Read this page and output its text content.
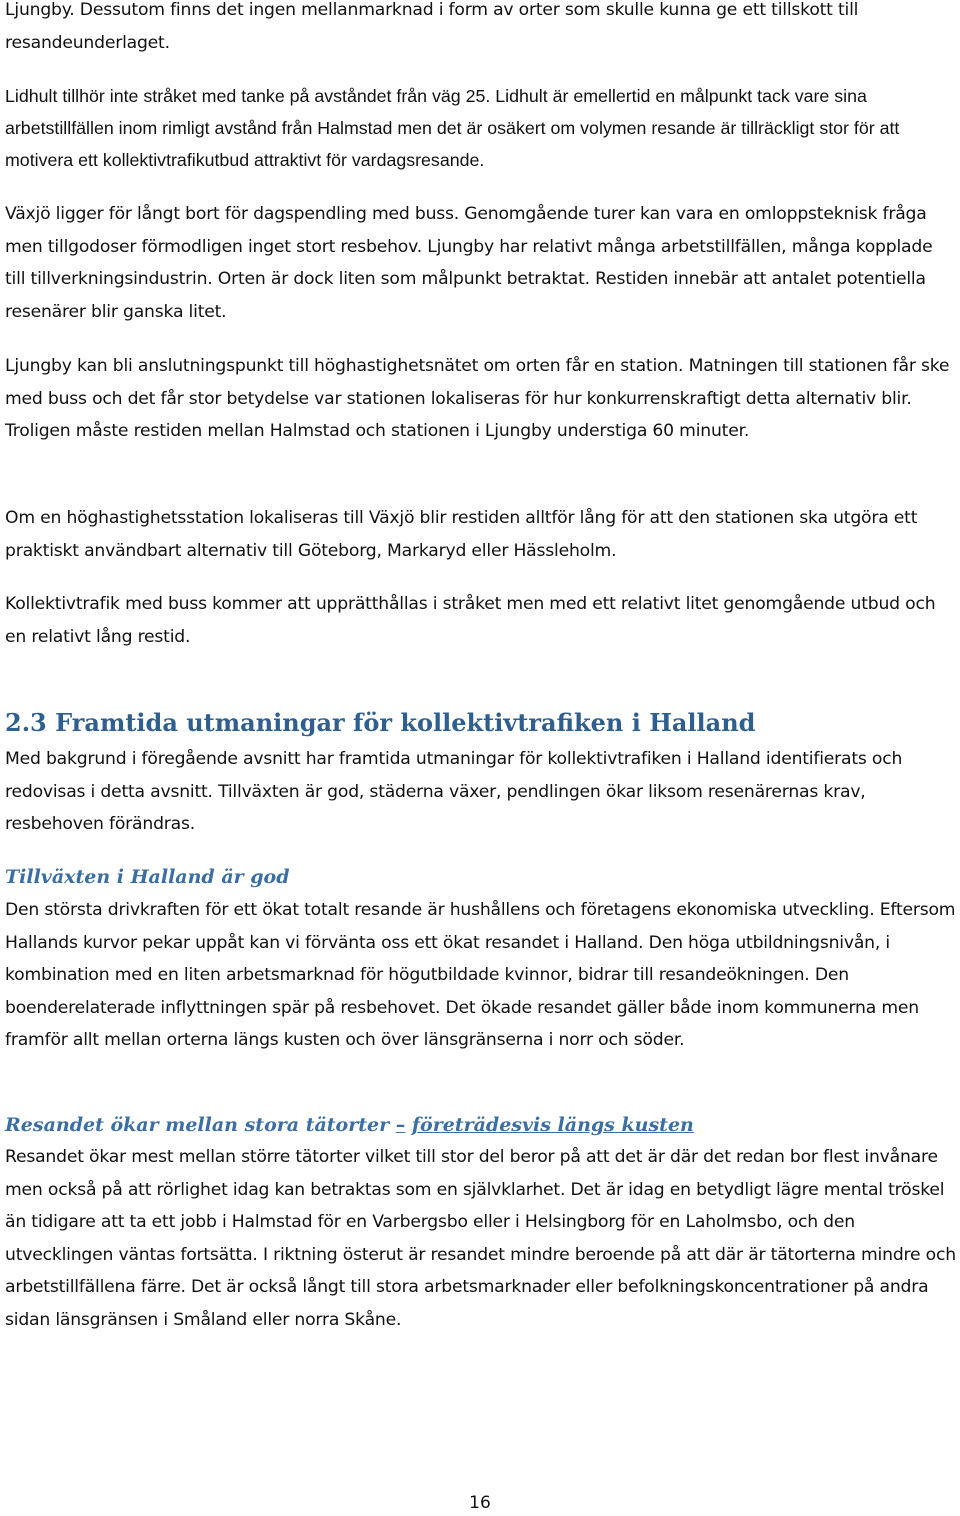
Ljungby. Dessutom finns det ingen mellanmarknad i form av orter som skulle kunna ge ett tillskott till resandeunderlaget.

Lidhult tillhör inte stråket med tanke på avståndet från väg 25. Lidhult är emellertid en målpunkt tack vare sina arbetstillfällen inom rimligt avstånd från Halmstad men det är osäkert om volymen resande är tillräckligt stor för att motivera ett kollektivtrafikutbud attraktivt för vardagsresande.

Växjö ligger för långt bort för dagspendling med buss. Genomgående turer kan vara en omloppsteknisk fråga men tillgodoser förmodligen inget stort resbehov. Ljungby har relativt många arbetstillfällen, många kopplade till tillverkningsindustrin. Orten är dock liten som målpunkt betraktat. Restiden innebär att antalet potentiella resenärer blir ganska litet.

Ljungby kan bli anslutningspunkt till höghastighetsnätet om orten får en station. Matningen till stationen får ske med buss och det får stor betydelse var stationen lokaliseras för hur konkurrenskraftigt detta alternativ blir. Troligen måste restiden mellan Halmstad och stationen i Ljungby understiga 60 minuter.

Om en höghastighetsstation lokaliseras till Växjö blir restiden alltför lång för att den stationen ska utgöra ett praktiskt användbart alternativ till Göteborg, Markaryd eller Hässleholm.

Kollektivtrafik med buss kommer att upprätthållas i stråket men med ett relativt litet genomgående utbud och en relativt lång restid.

2.3 Framtida utmaningar för kollektivtrafiken i Halland

Med bakgrund i föregående avsnitt har framtida utmaningar för kollektivtrafiken i Halland identifierats och redovisas i detta avsnitt. Tillväxten är god, städerna växer, pendlingen ökar liksom resenärernas krav, resbehoven förändras.

Tillväxten i Halland är god

Den största drivkraften för ett ökat totalt resande är hushållens och företagens ekonomiska utveckling. Eftersom Hallands kurvor pekar uppåt kan vi förvänta oss ett ökat resandet i Halland. Den höga utbildningsnivån, i kombination med en liten arbetsmarknad för högutbildade kvinnor, bidrar till resandeökningen. Den boenderelaterade inflyttningen spär på resbehovet. Det ökade resandet gäller både inom kommunerna men framför allt mellan orterna längs kusten och över länsgränserna i norr och söder.

Resandet ökar mellan stora tätorter – företrädesvis längs kusten

Resandet ökar mest mellan större tätorter vilket till stor del beror på att det är där det redan bor flest invånare men också på att rörlighet idag kan betraktas som en självklarhet. Det är idag en betydligt lägre mental tröskel än tidigare att ta ett jobb i Halmstad för en Varbergsbo eller i Helsingborg för en Laholmsbo, och den utvecklingen väntas fortsätta. I riktning österut är resandet mindre beroende på att där är tätorterna mindre och arbetstillfällena färre. Det är också långt till stora arbetsmarknader eller befolkningskoncentrationer på andra sidan länsgränsen i Småland eller norra Skåne.

16
